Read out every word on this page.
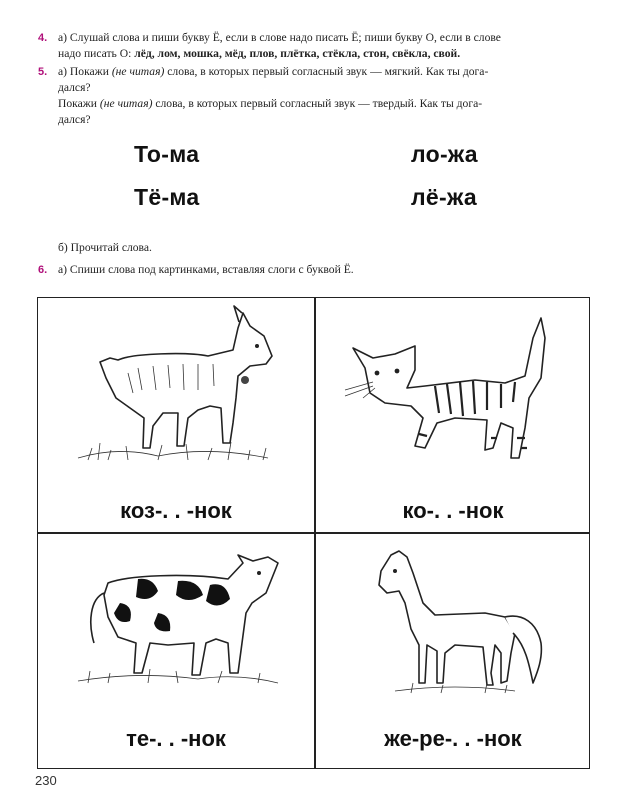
4. а) Слушай слова и пиши букву Ё, если в слове надо писать Ё; пиши букву О, если в слове
надо писать О: лёд, лом, мошка, мёд, плов, плётка, стёкла, стон, свёкла, свой.
5. а) Покажи (не читая) слова, в которых первый согласный звук — мягкий. Как ты дога-
дался?
Покажи (не читая) слова, в которых первый согласный звук — твердый. Как ты дога-
дался?
То-ма
Тё-ма
ло-жа
лё-жа
б) Прочитай слова.
6. а) Спиши слова под картинками, вставляя слоги с буквой Ё.
коз-. . -нок	ко-. . -нок
те-. . -нок	же-ре-. . -нок
230
